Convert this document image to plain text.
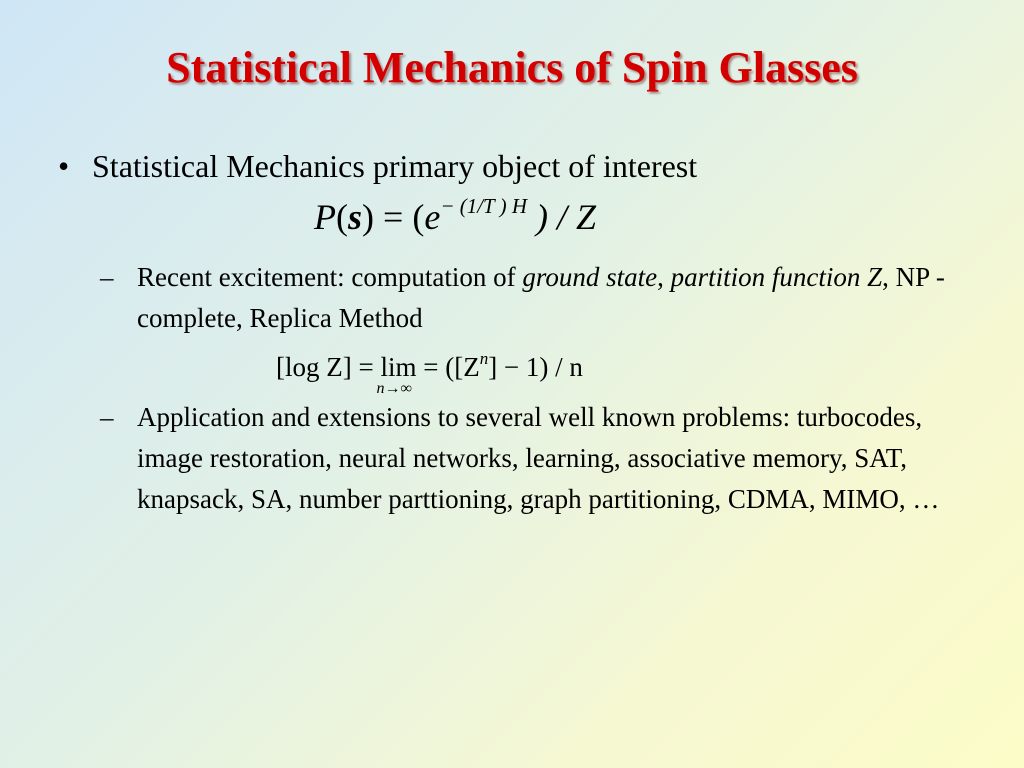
Statistical Mechanics of Spin Glasses
• Statistical Mechanics primary object of interest
$P(s) = (e^{- (1/T ) H}$ ) / Z
– Recent excitement: computation of ground state, partition function Z, NP - complete, Replica Method
[log Z] = lim
n→∞
= $([Z^n] - 1) / n$
– Application and extensions to several well known problems: turbocodes, image restoration, neural networks, learning, associative memory, SAT, knapsack, SA, number parttioning, graph partitioning, CDMA, MIMO, …
